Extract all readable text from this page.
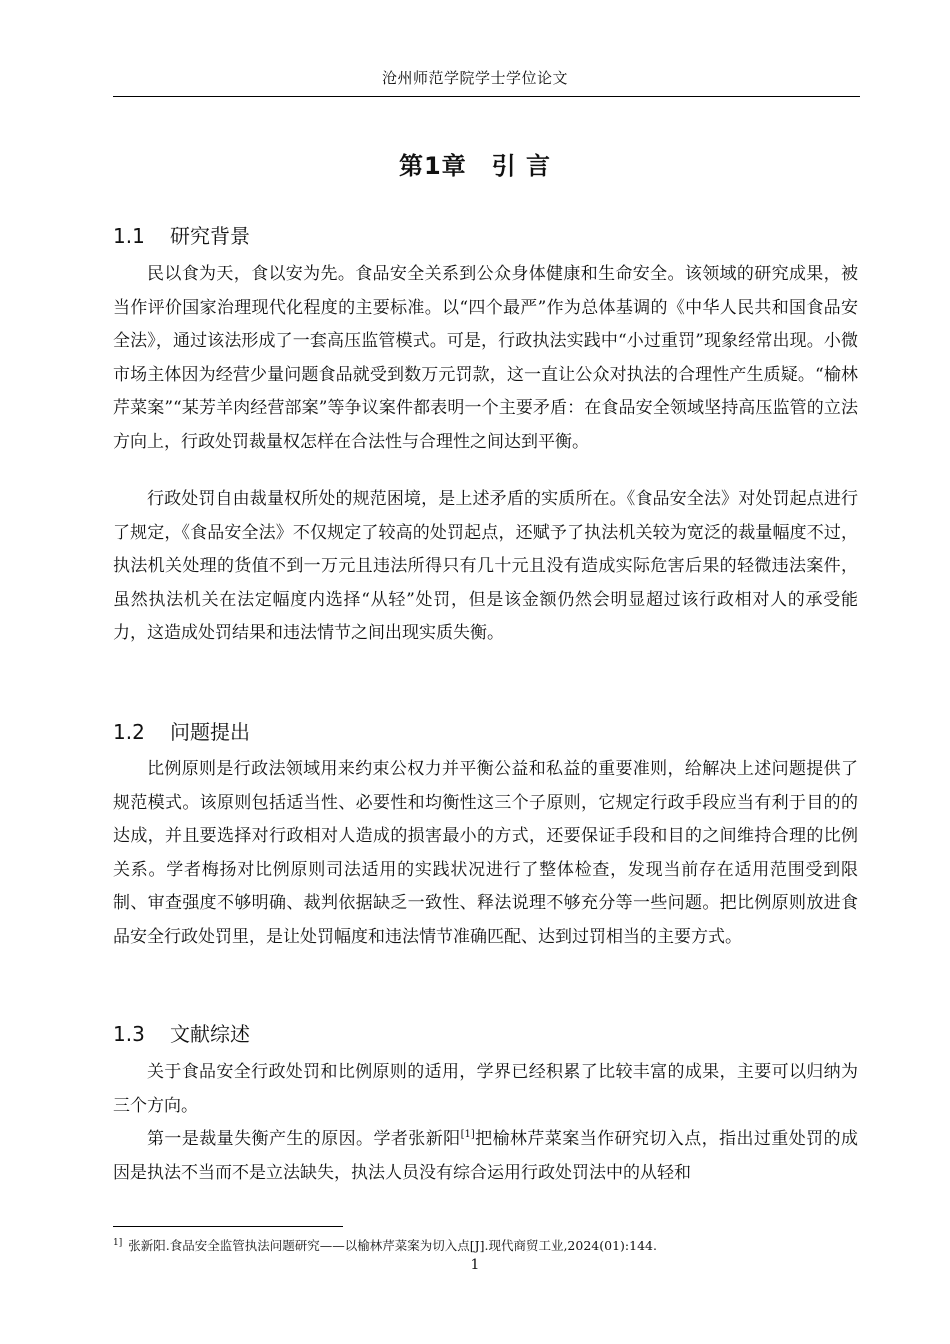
沧州师范学院学士学位论文
第1章　引 言
1.1 研究背景

民以食为天，食以安为先。食品安全关系到公众身体健康和生命安全。该领域的研究成果，被当作评价国家治理现代化程度的主要标准。以“四个最严”作为总体基调的《中华人民共和国食品安全法》，通过该法形成了一套高压监管模式。可是，行政执法实践中“小过重罚”现象经常出现。小微市场主体因为经营少量问题食品就受到数万元罚款，这一直让公众对执法的合理性产生质疑。“榆林芹菜案”“某芳羊肉经营部案”等争议案件都表明一个主要矛盾：在食品安全领域坚持高压监管的立法方向上，行政处罚裁量权怎样在合法性与合理性之间达到平衡。

行政处罚自由裁量权所处的规范困境，是上述矛盾的实质所在。《食品安全法》对处罚起点进行了规定，《食品安全法》不仅规定了较高的处罚起点，还赋予了执法机关较为宽泛的裁量幅度不过，执法机关处理的货值不到一万元且违法所得只有几十元且没有造成实际危害后果的轻微违法案件，虽然执法机关在法定幅度内选择“从轻”处罚，但是该金额仍然会明显超过该行政相对人的承受能力，这造成处罚结果和违法情节之间出现实质失衡。

1.2 问题提出

比例原则是行政法领域用来约束公权力并平衡公益和私益的重要准则，给解决上述问题提供了规范模式。该原则包括适当性、必要性和均衡性这三个子原则，它规定行政手段应当有利于目的的达成，并且要选择对行政相对人造成的损害最小的方式，还要保证手段和目的之间维持合理的比例关系。学者梅扬对比例原则司法适用的实践状况进行了整体检查，发现当前存在适用范围受到限制、审查强度不够明确、裁判依据缺乏一致性、释法说理不够充分等一些问题。把比例原则放进食品安全行政处罚里，是让处罚幅度和违法情节准确匹配、达到过罚相当的主要方式。

1.3 文献综述

关于食品安全行政处罚和比例原则的适用，学界已经积累了比较丰富的成果，主要可以归纳为三个方向。

第一是裁量失衡产生的原因。学者张新阳[1]把榆林芹菜案当作研究切入点，指出过重处罚的成因是执法不当而不是立法缺失，执法人员没有综合运用行政处罚法中的从轻和

$^{1]}$ 张新阳.食品安全监管执法问题研究——以榆林芹菜案为切入点[J].现代商贸工业,2024(01):144.
1
